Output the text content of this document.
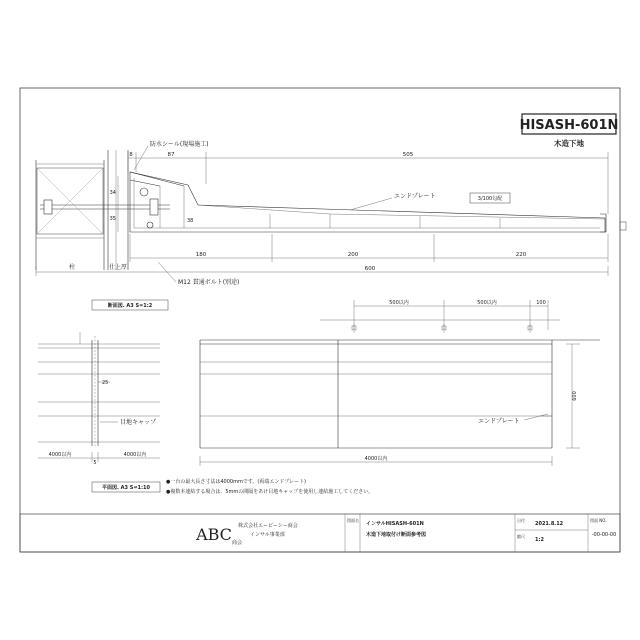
HISASH-601N
木造下地
8	87	505
180	200	220
600
34
35	38
防水シール(現場施工)
エンドプレート	3/100勾配
M12 貫通ボルト(別途)
柱	仕上厚
断面図. A3 S=1:2
25
目地キャップ
4000以内
5
4000以内
500以内	500以内	100
600
4000以内
エンドプレート
平面図. A3 S=1:10
●一台の最大長さ寸法は4000mmです。(両端エンドプレート)
●複数本連結する場合は、5mmの間隔をあけ目地キャップを使用し連結施工してください。
ABC 商会
株式会社エービーシー商会
インサル事業部
図面名
インサルHISASH-601N
木造下地取付け断面参考図
日付
2021.8.12
縮尺
1:2
図面 NO.
-00-00-00
